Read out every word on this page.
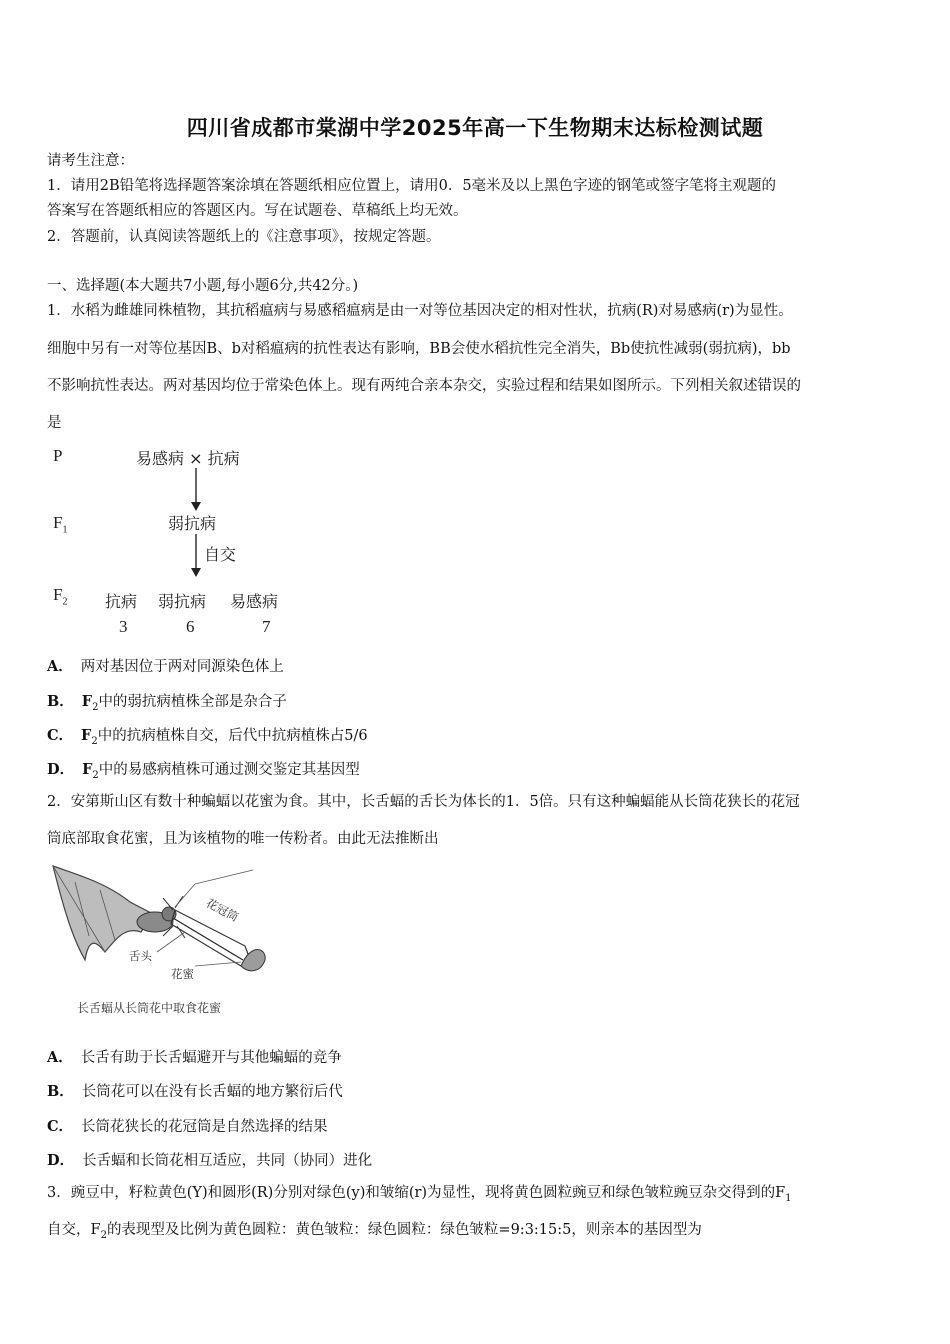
四川省成都市棠湖中学2025年高一下生物期末达标检测试题
请考生注意：
1．请用2B铅笔将选择题答案涂填在答题纸相应位置上，请用0．5毫米及以上黑色字迹的钢笔或签字笔将主观题的
答案写在答题纸相应的答题区内。写在试题卷、草稿纸上均无效。
2．答题前，认真阅读答题纸上的《注意事项》，按规定答题。
一、选择题(本大题共7小题,每小题6分,共42分。)
1．水稻为雌雄同株植物，其抗稻瘟病与易感稻瘟病是由一对等位基因决定的相对性状，抗病(R)对易感病(r)为显性。
细胞中另有一对等位基因B、b对稻瘟病的抗性表达有影响，BB会使水稻抗性完全消失，Bb使抗性减弱(弱抗病)，bb
不影响抗性表达。两对基因均位于常染色体上。现有两纯合亲本杂交，实验过程和结果如图所示。下列相关叙述错误的
是
P	易感病 × 抗病
$F_1$	弱抗病
自交
$F_2$ 抗病 弱抗病 易感病
3	6	7
A． 两对基因位于两对同源染色体上
B． $F_2$中的弱抗病植株全部是杂合子
C． $F_2$中的抗病植株自交，后代中抗病植株占5/6
D． $F_2$中的易感病植株可通过测交鉴定其基因型
2．安第斯山区有数十种蝙蝠以花蜜为食。其中，长舌蝠的舌长为体长的1．5倍。只有这种蝙蝠能从长筒花狭长的花冠
筒底部取食花蜜，且为该植物的唯一传粉者。由此无法推断出
花冠筒
舌头
花蜜
长舌蝠从长筒花中取食花蜜
A． 长舌有助于长舌蝠避开与其他蝙蝠的竞争
B． 长筒花可以在没有长舌蝠的地方繁衍后代
C． 长筒花狭长的花冠筒是自然选择的结果
D． 长舌蝠和长筒花相互适应，共同（协同）进化
3．豌豆中，籽粒黄色(Y)和圆形(R)分别对绿色(y)和皱缩(r)为显性，现将黄色圆粒豌豆和绿色皱粒豌豆杂交得到的$F_1$
自交，$F_2$的表现型及比例为黄色圆粒：黄色皱粒：绿色圆粒：绿色皱粒=9:3:15:5，则亲本的基因型为
